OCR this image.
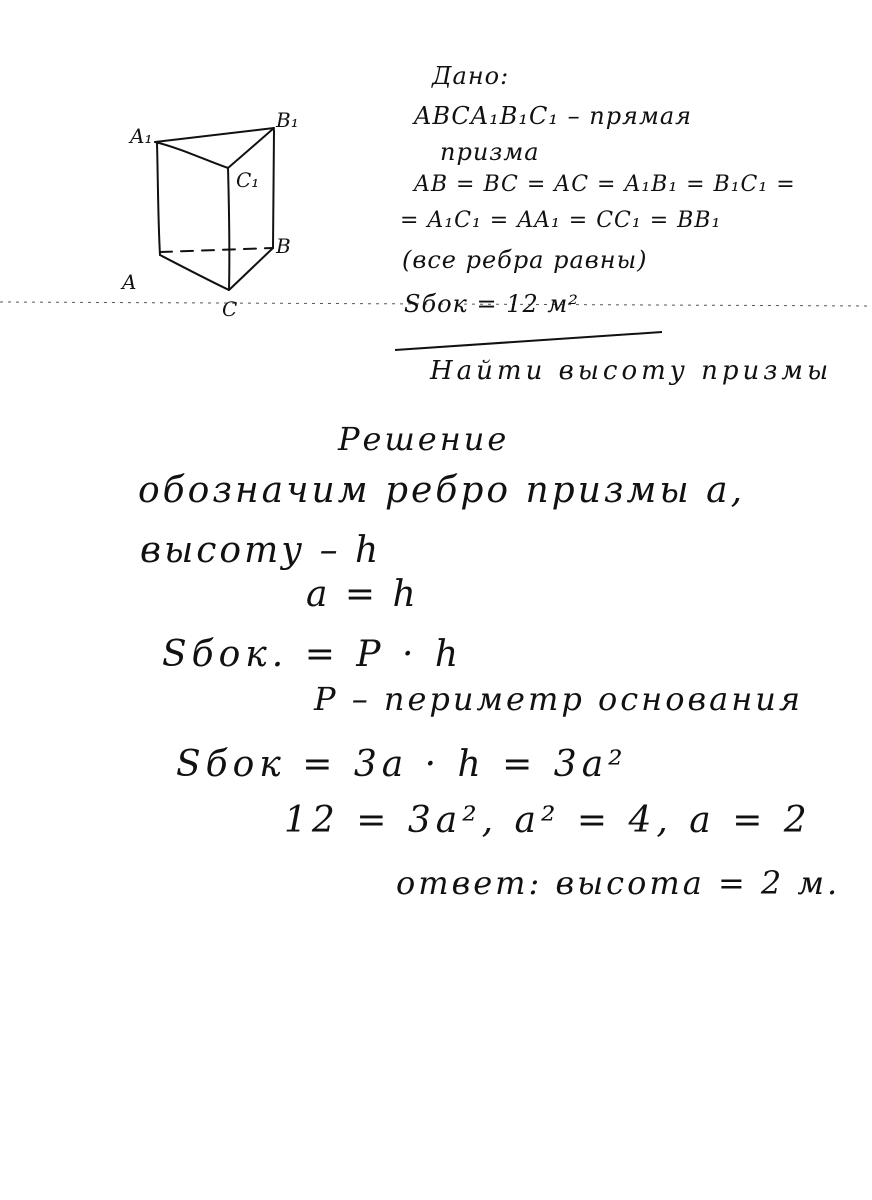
A₁
B₁
C₁
A
B
C
Дано:
ABCA₁B₁C₁ – прямая
призма
AB = BC = AC = A₁B₁ = B₁C₁ =
= A₁C₁ = AA₁ = CC₁ = BB₁
(все ребра равны)
Sбок = 12 м²
Найти высоту призмы
Решение
обозначим ребро призмы a,
высоту – h
a = h
Sбок. = P · h
P – периметр основания
Sбок = 3a · h = 3a²
12 = 3a², a² = 4, a = 2
ответ: высота = 2 м.
